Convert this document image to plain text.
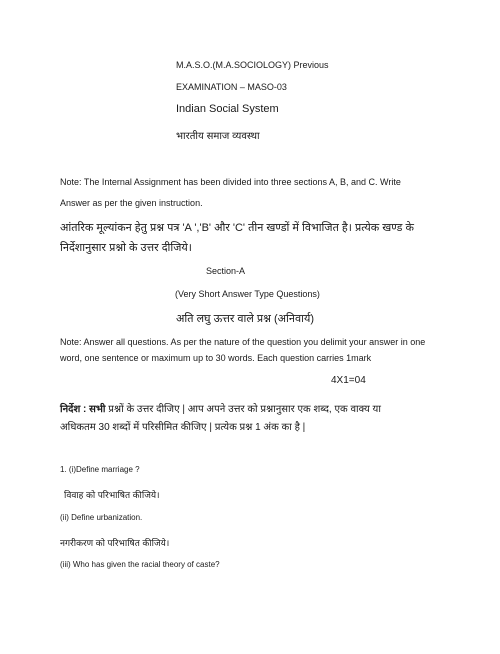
M.A.S.O.(M.A.SOCIOLOGY) Previous
EXAMINATION – MASO-03
Indian Social System
भारतीय समाज व्यवस्था
Note: The Internal Assignment has been divided into three sections A, B, and C. Write
Answer as per the given instruction.
आंतरिक मूल्यांकन हेतु प्रश्न पत्र 'A ','B' और 'C' तीन खण्डों में विभाजित है। प्रत्येक खण्ड के
निर्देशानुसार प्रश्नो के उत्तर दीजिये।
Section-A
(Very Short Answer Type Questions)
अति लघु ऊत्तर वाले प्रश्न (अनिवार्य)
Note: Answer all questions. As per the nature of the question you delimit your answer in one
word, one sentence or maximum up to 30 words. Each question carries 1mark
4X1=04
निर्देश : सभी प्रश्नों के उत्तर दीजिए | आप अपने उत्तर को प्रश्नानुसार एक शब्द, एक वाक्य या
अधिकतम 30 शब्दों में परिसीमित कीजिए | प्रत्येक प्रश्न 1 अंक का है |
1. (i)Define marriage ?
विवाह को परिभाषित कीजिये।
(ii) Define urbanization.
नगरीकरण को परिभाषित कीजिये।
(iii) Who has given the racial theory of caste?
